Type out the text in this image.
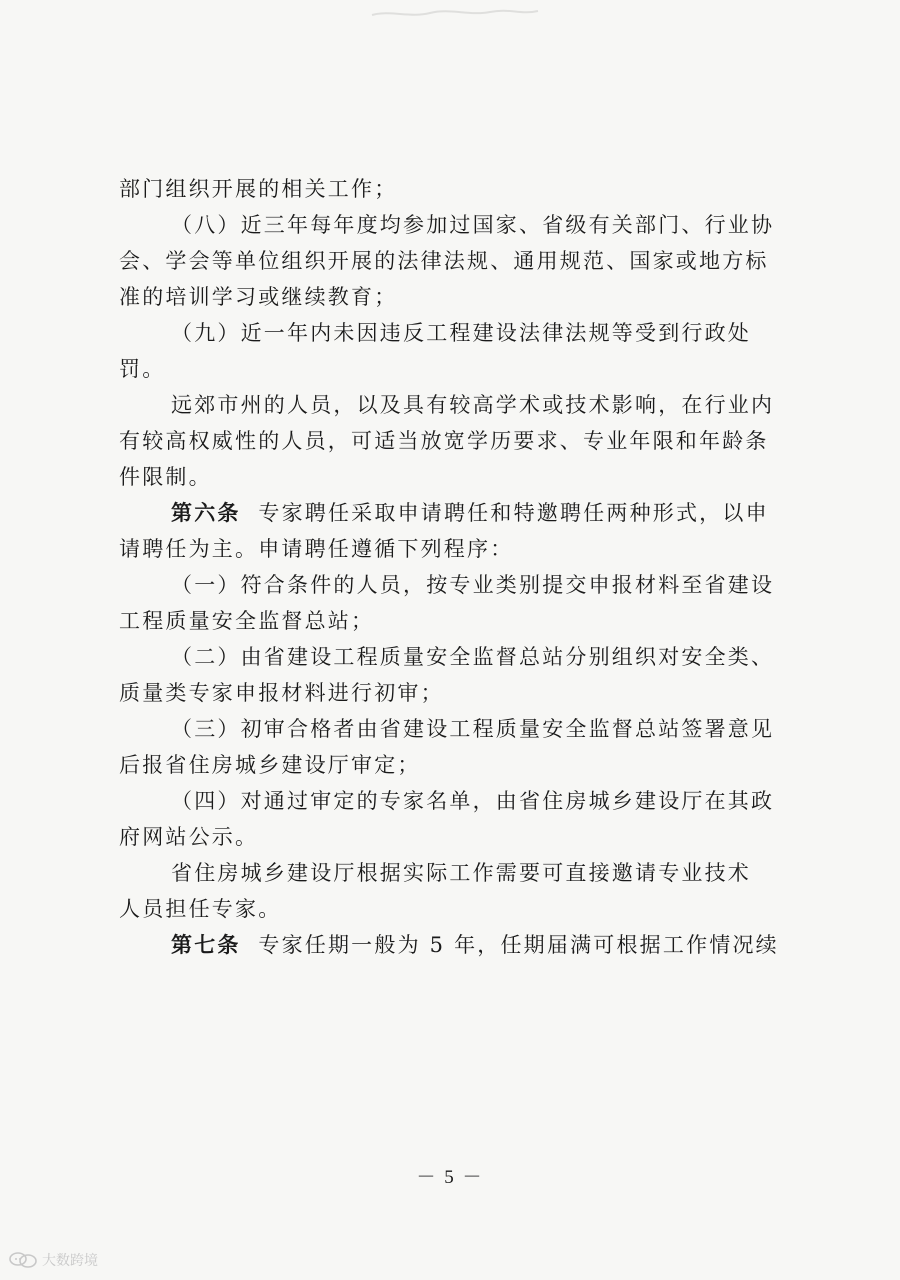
部门组织开展的相关工作；
（八）近三年每年度均参加过国家、省级有关部门、行业协
会、学会等单位组织开展的法律法规、通用规范、国家或地方标
准的培训学习或继续教育；
（九）近一年内未因违反工程建设法律法规等受到行政处
罚。
远郊市州的人员，以及具有较高学术或技术影响，在行业内
有较高权威性的人员，可适当放宽学历要求、专业年限和年龄条
件限制。
第六条 专家聘任采取申请聘任和特邀聘任两种形式，以申
请聘任为主。申请聘任遵循下列程序：
（一）符合条件的人员，按专业类别提交申报材料至省建设
工程质量安全监督总站；
（二）由省建设工程质量安全监督总站分别组织对安全类、
质量类专家申报材料进行初审；
（三）初审合格者由省建设工程质量安全监督总站签署意见
后报省住房城乡建设厅审定；
（四）对通过审定的专家名单，由省住房城乡建设厅在其政
府网站公示。
省住房城乡建设厅根据实际工作需要可直接邀请专业技术
人员担任专家。
第七条 专家任期一般为 5 年，任期届满可根据工作情况续
－ 5 －
大数跨境
